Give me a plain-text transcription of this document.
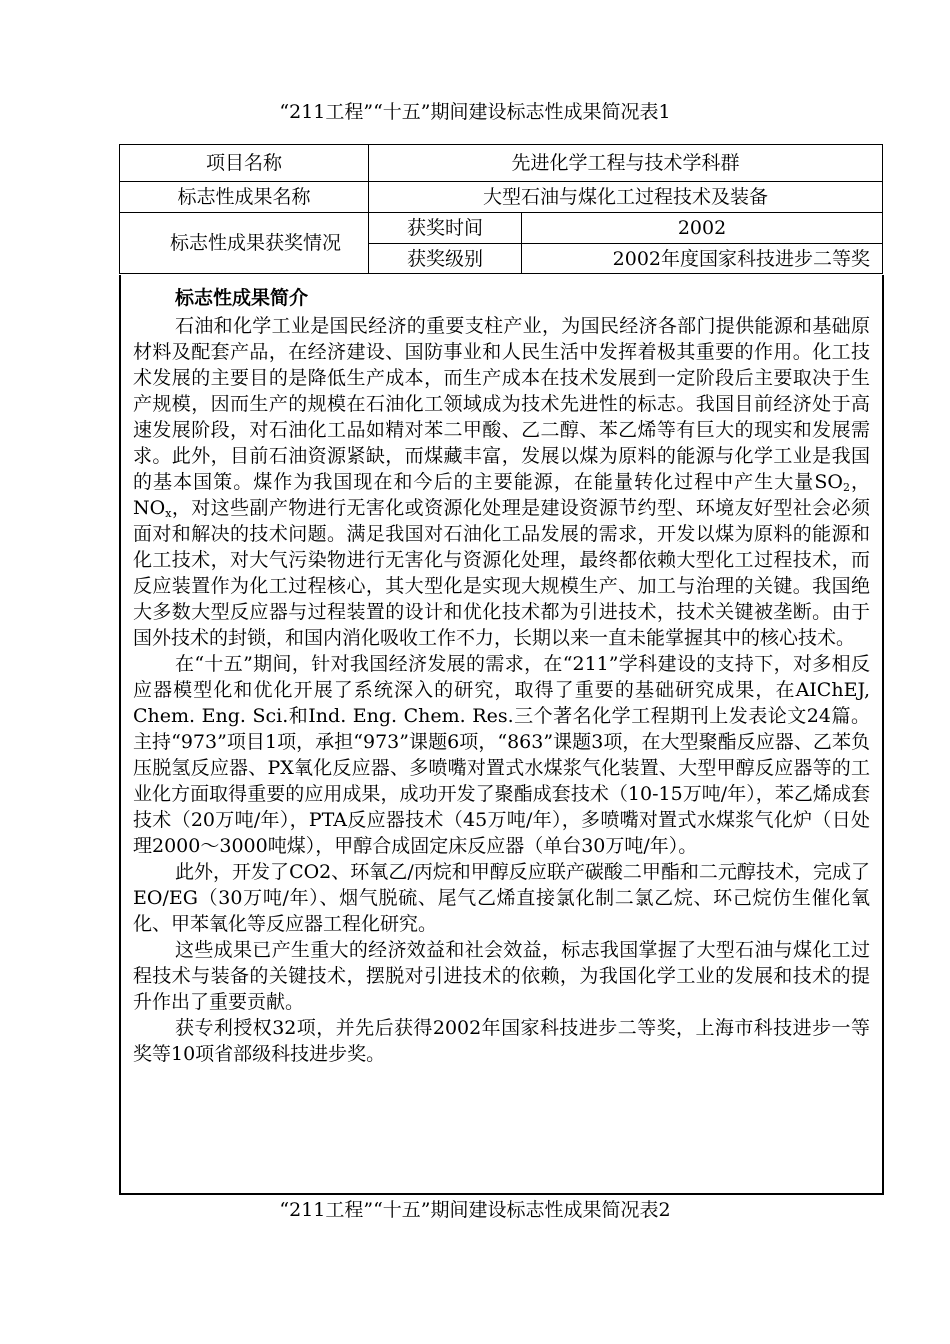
“211工程”“十五”期间建设标志性成果简况表1
项目名称	先进化学工程与技术学科群	
标志性成果名称	大型石油与煤化工过程技术及装备	
标志性成果获奖情况	获奖时间	2002
	获奖级别	2002年度国家科技进步二等奖
标志性成果简介

石油和化学工业是国民经济的重要支柱产业，为国民经济各部门提供能源和基础原材料及配套产品，在经济建设、国防事业和人民生活中发挥着极其重要的作用。化工技术发展的主要目的是降低生产成本，而生产成本在技术发展到一定阶段后主要取决于生产规模，因而生产的规模在石油化工领域成为技术先进性的标志。我国目前经济处于高速发展阶段，对石油化工品如精对苯二甲酸、乙二醇、苯乙烯等有巨大的现实和发展需求。此外，目前石油资源紧缺，而煤藏丰富，发展以煤为原料的能源与化学工业是我国的基本国策。煤作为我国现在和今后的主要能源，在能量转化过程中产生大量$SO_2$，$NO_x$，对这些副产物进行无害化或资源化处理是建设资源节约型、环境友好型社会必须面对和解决的技术问题。满足我国对石油化工品发展的需求，开发以煤为原料的能源和化工技术，对大气污染物进行无害化与资源化处理，最终都依赖大型化工过程技术，而反应装置作为化工过程核心，其大型化是实现大规模生产、加工与治理的关键。我国绝大多数大型反应器与过程装置的设计和优化技术都为引进技术，技术关键被垄断。由于国外技术的封锁，和国内消化吸收工作不力，长期以来一直未能掌握其中的核心技术。

在“十五”期间，针对我国经济发展的需求，在“211”学科建设的支持下，对多相反应器模型化和优化开展了系统深入的研究，取得了重要的基础研究成果，在AIChEJ, Chem. Eng. Sci.和Ind. Eng. Chem. Res.三个著名化学工程期刊上发表论文24篇。主持“973”项目1项，承担“973”课题6项，“863”课题3项，在大型聚酯反应器、乙苯负压脱氢反应器、PX氧化反应器、多喷嘴对置式水煤浆气化装置、大型甲醇反应器等的工业化方面取得重要的应用成果，成功开发了聚酯成套技术（10-15万吨/年），苯乙烯成套技术（20万吨/年），PTA反应器技术（45万吨/年），多喷嘴对置式水煤浆气化炉（日处理2000～3000吨煤），甲醇合成固定床反应器（单台30万吨/年）。

此外，开发了CO2、环氧乙/丙烷和甲醇反应联产碳酸二甲酯和二元醇技术，完成了EO/EG（30万吨/年）、烟气脱硫、尾气乙烯直接氯化制二氯乙烷、环己烷仿生催化氧化、甲苯氧化等反应器工程化研究。

这些成果已产生重大的经济效益和社会效益，标志我国掌握了大型石油与煤化工过程技术与装备的关键技术，摆脱对引进技术的依赖，为我国化学工业的发展和技术的提升作出了重要贡献。

获专利授权32项，并先后获得2002年国家科技进步二等奖，上海市科技进步一等奖等10项省部级科技进步奖。

“211工程”“十五”期间建设标志性成果简况表2
